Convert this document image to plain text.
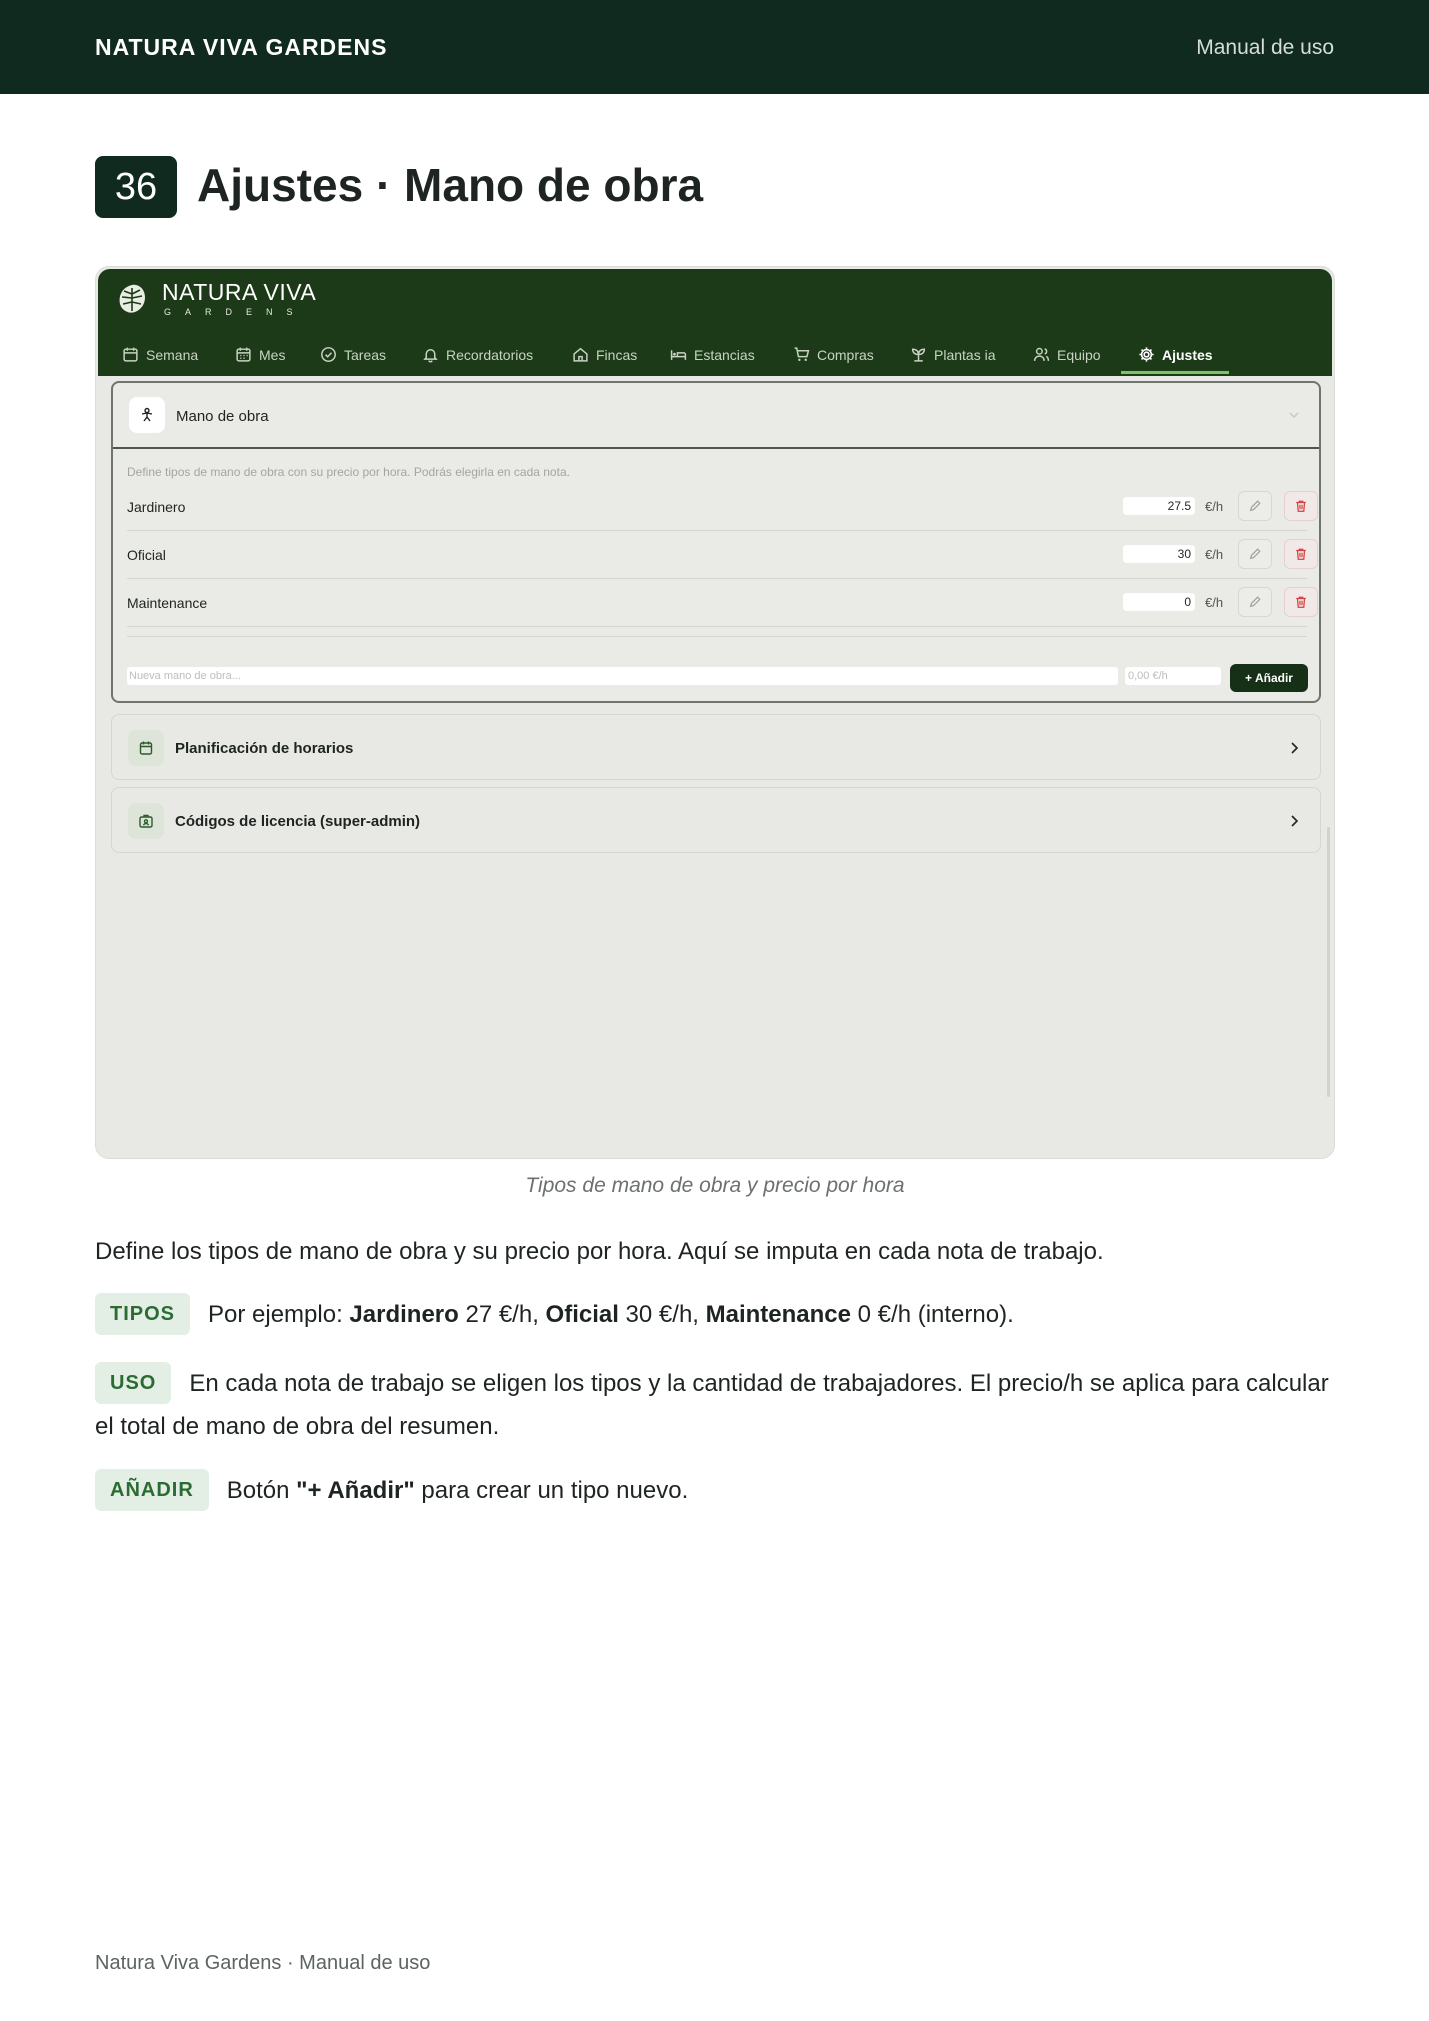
NATURA VIVA GARDENS	Manual de uso
36 Ajustes · Mano de obra
NATURA VIVA
GARDENS
Semana	Mes	Tareas	Recordatorios	Fincas	Estancias	Compras	Plantas ia	Equipo	Ajustes
Mano de obra
Define tipos de mano de obra con su precio por hora. Podrás elegirla en cada nota.
Jardinero	27.5	€/h
Oficial	30	€/h
Maintenance	0	€/h
Nueva mano de obra...	0,00 €/h	+ Añadir
Planificación de horarios
Códigos de licencia (super-admin)
Tipos de mano de obra y precio por hora
Define los tipos de mano de obra y su precio por hora. Aquí se imputa en cada nota de trabajo.
TIPOS Por ejemplo: Jardinero 27 €/h, Oficial 30 €/h, Maintenance 0 €/h (interno).
USO En cada nota de trabajo se eligen los tipos y la cantidad de trabajadores. El precio/h se aplica para calcular el total de mano de obra del resumen.
AÑADIR Botón "+ Añadir" para crear un tipo nuevo.
Natura Viva Gardens · Manual de uso
